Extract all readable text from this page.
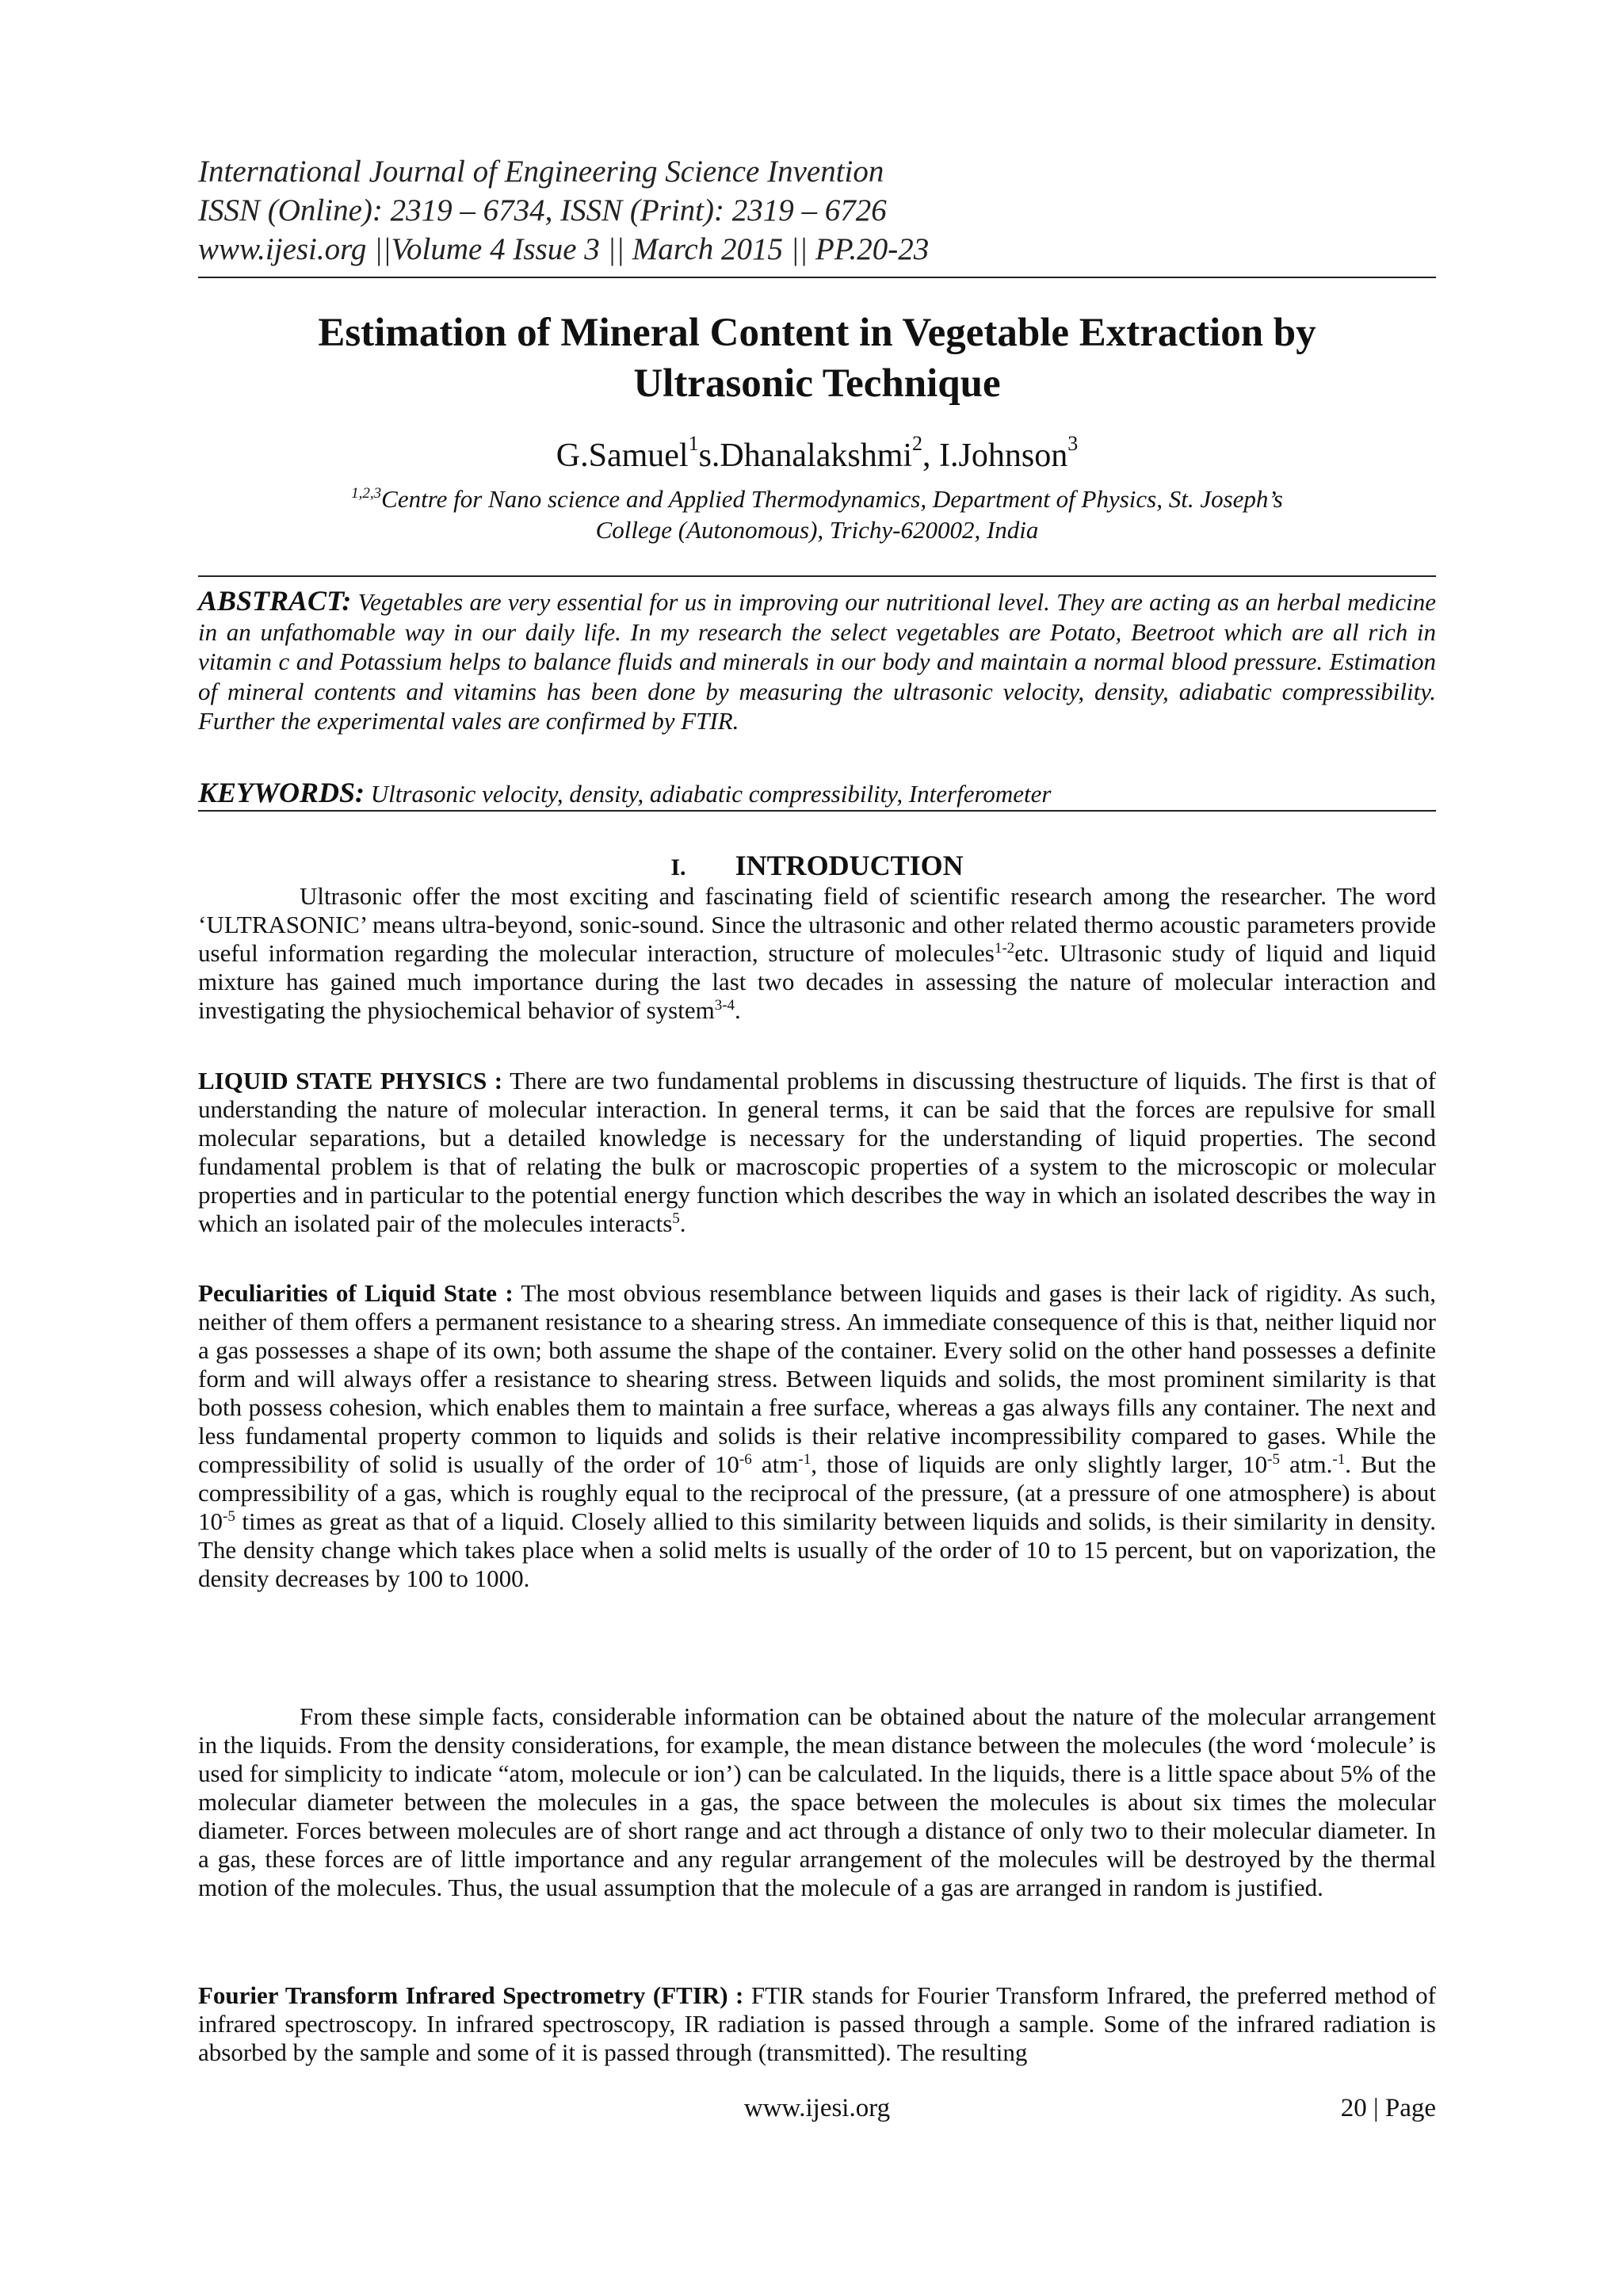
International Journal of Engineering Science Invention
ISSN (Online): 2319 – 6734, ISSN (Print): 2319 – 6726
www.ijesi.org ||Volume 4 Issue 3 || March 2015 || PP.20-23
Estimation of Mineral Content in Vegetable Extraction by
Ultrasonic Technique
G.Samuel$^1$s.Dhanalakshmi$^2$, I.Johnson$^3$
$^{1,2,3}$Centre for Nano science and Applied Thermodynamics, Department of Physics, St. Joseph’s
College (Autonomous), Trichy-620002, India
ABSTRACT: Vegetables are very essential for us in improving our nutritional level. They are acting as an herbal medicine in an unfathomable way in our daily life. In my research the select vegetables are Potato, Beetroot which are all rich in vitamin c and Potassium helps to balance fluids and minerals in our body and maintain a normal blood pressure. Estimation of mineral contents and vitamins has been done by measuring the ultrasonic velocity, density, adiabatic compressibility. Further the experimental vales are confirmed by FTIR.
KEYWORDS: Ultrasonic velocity, density, adiabatic compressibility, Interferometer
I. INTRODUCTION
Ultrasonic offer the most exciting and fascinating field of scientific research among the researcher. The word ‘ULTRASONIC’ means ultra-beyond, sonic-sound. Since the ultrasonic and other related thermo acoustic parameters provide useful information regarding the molecular interaction, structure of molecules$^{1-2}$etc. Ultrasonic study of liquid and liquid mixture has gained much importance during the last two decades in assessing the nature of molecular interaction and investigating the physiochemical behavior of system$^{3-4}$.
LIQUID STATE PHYSICS : There are two fundamental problems in discussing thestructure of liquids. The first is that of understanding the nature of molecular interaction. In general terms, it can be said that the forces are repulsive for small molecular separations, but a detailed knowledge is necessary for the understanding of liquid properties. The second fundamental problem is that of relating the bulk or macroscopic properties of a system to the microscopic or molecular properties and in particular to the potential energy function which describes the way in which an isolated describes the way in which an isolated pair of the molecules interacts$^5$.
Peculiarities of Liquid State : The most obvious resemblance between liquids and gases is their lack of rigidity. As such, neither of them offers a permanent resistance to a shearing stress. An immediate consequence of this is that, neither liquid nor a gas possesses a shape of its own; both assume the shape of the container. Every solid on the other hand possesses a definite form and will always offer a resistance to shearing stress. Between liquids and solids, the most prominent similarity is that both possess cohesion, which enables them to maintain a free surface, whereas a gas always fills any container. The next and less fundamental property common to liquids and solids is their relative incompressibility compared to gases. While the compressibility of solid is usually of the order of $10^{-6}$ atm$^{-1}$, those of liquids are only slightly larger, $10^{-5}$ atm.$^{-1}$. But the compressibility of a gas, which is roughly equal to the reciprocal of the pressure, (at a pressure of one atmosphere) is about $10^{-5}$ times as great as that of a liquid. Closely allied to this similarity between liquids and solids, is their similarity in density. The density change which takes place when a solid melts is usually of the order of 10 to 15 percent, but on vaporization, the density decreases by 100 to 1000.
From these simple facts, considerable information can be obtained about the nature of the molecular arrangement in the liquids. From the density considerations, for example, the mean distance between the molecules (the word ‘molecule’ is used for simplicity to indicate “atom, molecule or ion’) can be calculated. In the liquids, there is a little space about 5% of the molecular diameter between the molecules in a gas, the space between the molecules is about six times the molecular diameter. Forces between molecules are of short range and act through a distance of only two to their molecular diameter. In a gas, these forces are of little importance and any regular arrangement of the molecules will be destroyed by the thermal motion of the molecules. Thus, the usual assumption that the molecule of a gas are arranged in random is justified.
Fourier Transform Infrared Spectrometry (FTIR) : FTIR stands for Fourier Transform Infrared, the preferred method of infrared spectroscopy. In infrared spectroscopy, IR radiation is passed through a sample. Some of the infrared radiation is absorbed by the sample and some of it is passed through (transmitted). The resulting
www.ijesi.org	20 | Page
